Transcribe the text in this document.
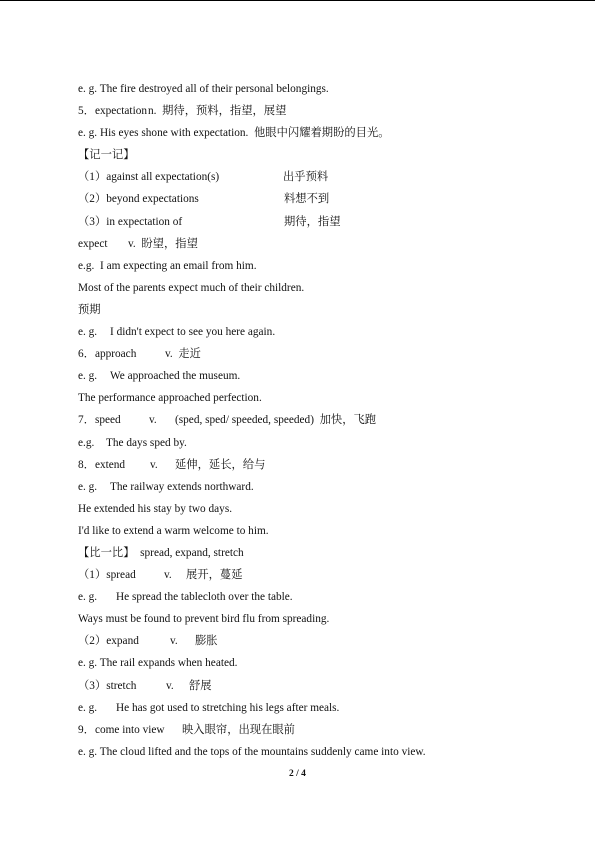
e. g. The fire destroyed all of their personal belongings.
5．expectation n.  期待，预料，指望，展望
e. g. His eyes shone with expectation.  他眼中闪耀着期盼的目光。
【记一记】
（1）against all expectation(s)	出乎预料
（2）beyond expectations	料想不到
（3）in expectation of	期待，指望
expect v.  盼望，指望
e.g. I am expecting an email from him.
Most of the parents expect much of their children.
预期
e. g. I didn't expect to see you here again.
6．approach	v.  走近
e. g. We approached the museum.
The performance approached perfection.
7．speed	v. (sped, sped/ speeded, speeded)  加快，飞跑
e.g. The days sped by.
8．extend v. 延伸，延长，给与
e. g. The railway extends northward.
He extended his stay by two days.
I'd like to extend a warm welcome to him.
【比一比】  spread, expand, stretch
（1）spread	v. 展开，蔓延
e. g. He spread the tablecloth over the table.
Ways must be found to prevent bird flu from spreading.
（2）expand	v. 膨胀
e. g. The rail expands when heated.
（3）stretch	v. 舒展
e. g. He has got used to stretching his legs after meals.
9．come into view 映入眼帘，出现在眼前
e. g. The cloud lifted and the tops of the mountains suddenly came into view.
2 / 4
